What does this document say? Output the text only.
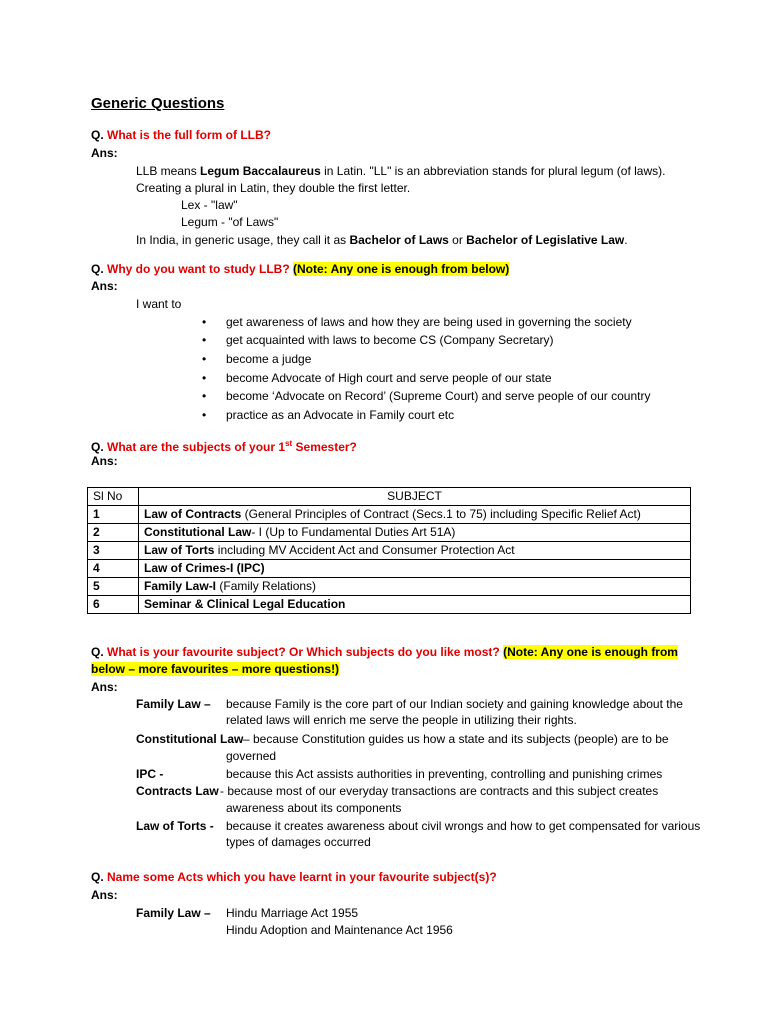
Generic Questions
Q. What is the full form of LLB?
Ans:
LLB means Legum Baccalaureus in Latin. "LL" is an abbreviation stands for plural legum (of laws).
Creating a plural in Latin, they double the first letter.
Lex - "law"
Legum - "of Laws"
In India, in generic usage, they call it as Bachelor of Laws or Bachelor of Legislative Law.
Q. Why do you want to study LLB? (Note: Any one is enough from below)
Ans:
I want to
• get awareness of laws and how they are being used in governing the society
• get acquainted with laws to become CS (Company Secretary)
• become a judge
• become Advocate of High court and serve people of our state
• become ‘Advocate on Record’ (Supreme Court) and serve people of our country
• practice as an Advocate in Family court etc
Q. What are the subjects of your 1st Semester?
Ans:
Sl No	SUBJECT
1	Law of Contracts (General Principles of Contract (Secs.1 to 75) including Specific Relief Act)
2	Constitutional Law- I (Up to Fundamental Duties Art 51A)
3	Law of Torts including MV Accident Act and Consumer Protection Act
4	Law of Crimes-I (IPC)
5	Family Law-I (Family Relations)
6	Seminar & Clinical Legal Education
Q. What is your favourite subject? Or Which subjects do you like most? (Note: Any one is enough from
below – more favourites – more questions!)
Ans:
Family Law – because Family is the core part of our Indian society and gaining knowledge about the related laws will enrich me serve the people in utilizing their rights.
Constitutional Law – because Constitution guides us how a state and its subjects (people) are to be
governed
IPC -	because this Act assists authorities in preventing, controlling and punishing crimes
Contracts Law - because most of our everyday transactions are contracts and this subject creates
awareness about its components
Law of Torts - because it creates awareness about civil wrongs and how to get compensated for various types of damages occurred
Q. Name some Acts which you have learnt in your favourite subject(s)?
Ans:
Family Law – Hindu Marriage Act 1955
Hindu Adoption and Maintenance Act 1956
